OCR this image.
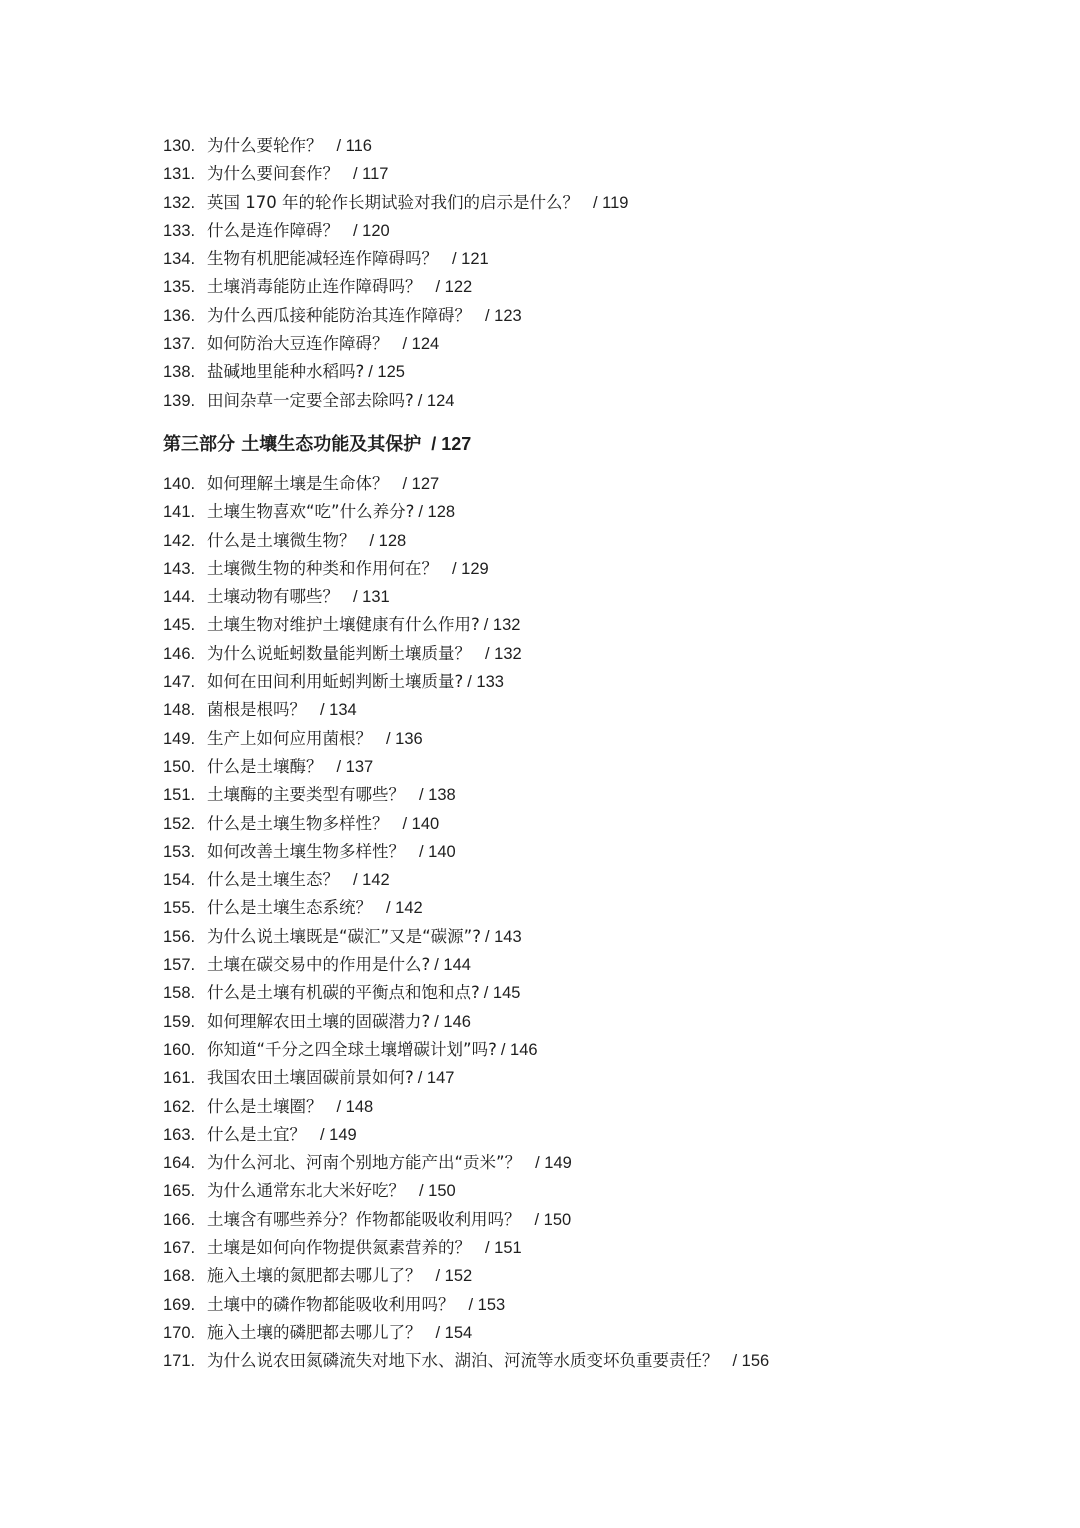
130. 为什么要轮作？ / 116
131. 为什么要间套作？ / 117
132. 英国 170 年的轮作长期试验对我们的启示是什么？ / 119
133. 什么是连作障碍？ / 120
134. 生物有机肥能减轻连作障碍吗？ / 121
135. 土壤消毒能防止连作障碍吗？ / 122
136. 为什么西瓜接种能防治其连作障碍？ / 123
137. 如何防治大豆连作障碍？ / 124
138. 盐碱地里能种水稻吗? / 125
139. 田间杂草一定要全部去除吗? / 124
第三部分 土壤生态功能及其保护 / 127
140. 如何理解土壤是生命体？ / 127
141. 土壤生物喜欢“吃”什么养分? / 128
142. 什么是土壤微生物？ / 128
143. 土壤微生物的种类和作用何在？ / 129
144. 土壤动物有哪些？ / 131
145. 土壤生物对维护土壤健康有什么作用? / 132
146. 为什么说蚯蚓数量能判断土壤质量？ / 132
147. 如何在田间利用蚯蚓判断土壤质量? / 133
148. 菌根是根吗？ / 134
149. 生产上如何应用菌根？ / 136
150. 什么是土壤酶？ / 137
151. 土壤酶的主要类型有哪些？ / 138
152. 什么是土壤生物多样性？ / 140
153. 如何改善土壤生物多样性？ / 140
154. 什么是土壤生态？ / 142
155. 什么是土壤生态系统？ / 142
156. 为什么说土壤既是“碳汇”又是“碳源”? / 143
157. 土壤在碳交易中的作用是什么? / 144
158. 什么是土壤有机碳的平衡点和饱和点? / 145
159. 如何理解农田土壤的固碳潜力? / 146
160. 你知道“千分之四全球土壤增碳计划”吗? / 146
161. 我国农田土壤固碳前景如何? / 147
162. 什么是土壤圈？ / 148
163. 什么是土宜？ / 149
164. 为什么河北、河南个别地方能产出“贡米”？ / 149
165. 为什么通常东北大米好吃？ / 150
166. 土壤含有哪些养分？作物都能吸收利用吗？ / 150
167. 土壤是如何向作物提供氮素营养的？ / 151
168. 施入土壤的氮肥都去哪儿了？ / 152
169. 土壤中的磷作物都能吸收利用吗？ / 153
170. 施入土壤的磷肥都去哪儿了？ / 154
171. 为什么说农田氮磷流失对地下水、湖泊、河流等水质变坏负重要责任？ / 156
